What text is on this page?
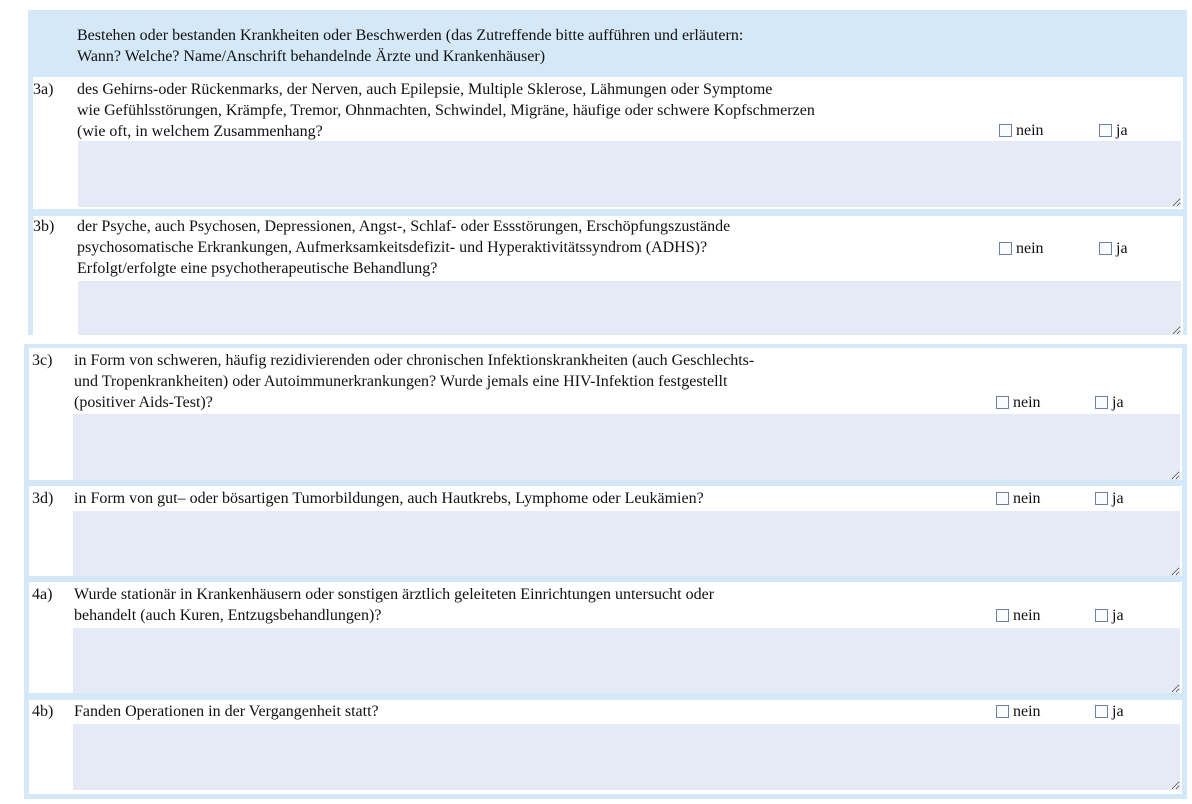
Bestehen oder bestanden Krankheiten oder Beschwerden (das Zutreffende bitte aufführen und erläutern:
Wann? Welche? Name/Anschrift behandelnde Ärzte und Krankenhäuser)
3a) des Gehirns-oder Rückenmarks, der Nerven, auch Epilepsie, Multiple Sklerose, Lähmungen oder Symptome
wie Gefühlsstörungen, Krämpfe, Tremor, Ohnmachten, Schwindel, Migräne, häufige oder schwere Kopfschmerzen
(wie oft, in welchem Zusammenhang?	nein	ja
3b) der Psyche, auch Psychosen, Depressionen, Angst-, Schlaf- oder Essstörungen, Erschöpfungszustände
psychosomatische Erkrankungen, Aufmerksamkeitsdefizit- und Hyperaktivitätssyndrom (ADHS)?
Erfolgt/erfolgte eine psychotherapeutische Behandlung?
nein	ja
3c) in Form von schweren, häufig rezidivierenden oder chronischen Infektionskrankheiten (auch Geschlechts-
und Tropenkrankheiten) oder Autoimmunerkrankungen? Wurde jemals eine HIV-Infektion festgestellt
(positiver Aids-Test)?	nein	ja
3d) in Form von gut– oder bösartigen Tumorbildungen, auch Hautkrebs, Lymphome oder Leukämien?	nein	ja
4a) Wurde stationär in Krankenhäusern oder sonstigen ärztlich geleiteten Einrichtungen untersucht oder
behandelt (auch Kuren, Entzugsbehandlungen)?	nein	ja
4b) Fanden Operationen in der Vergangenheit statt?	nein	ja
